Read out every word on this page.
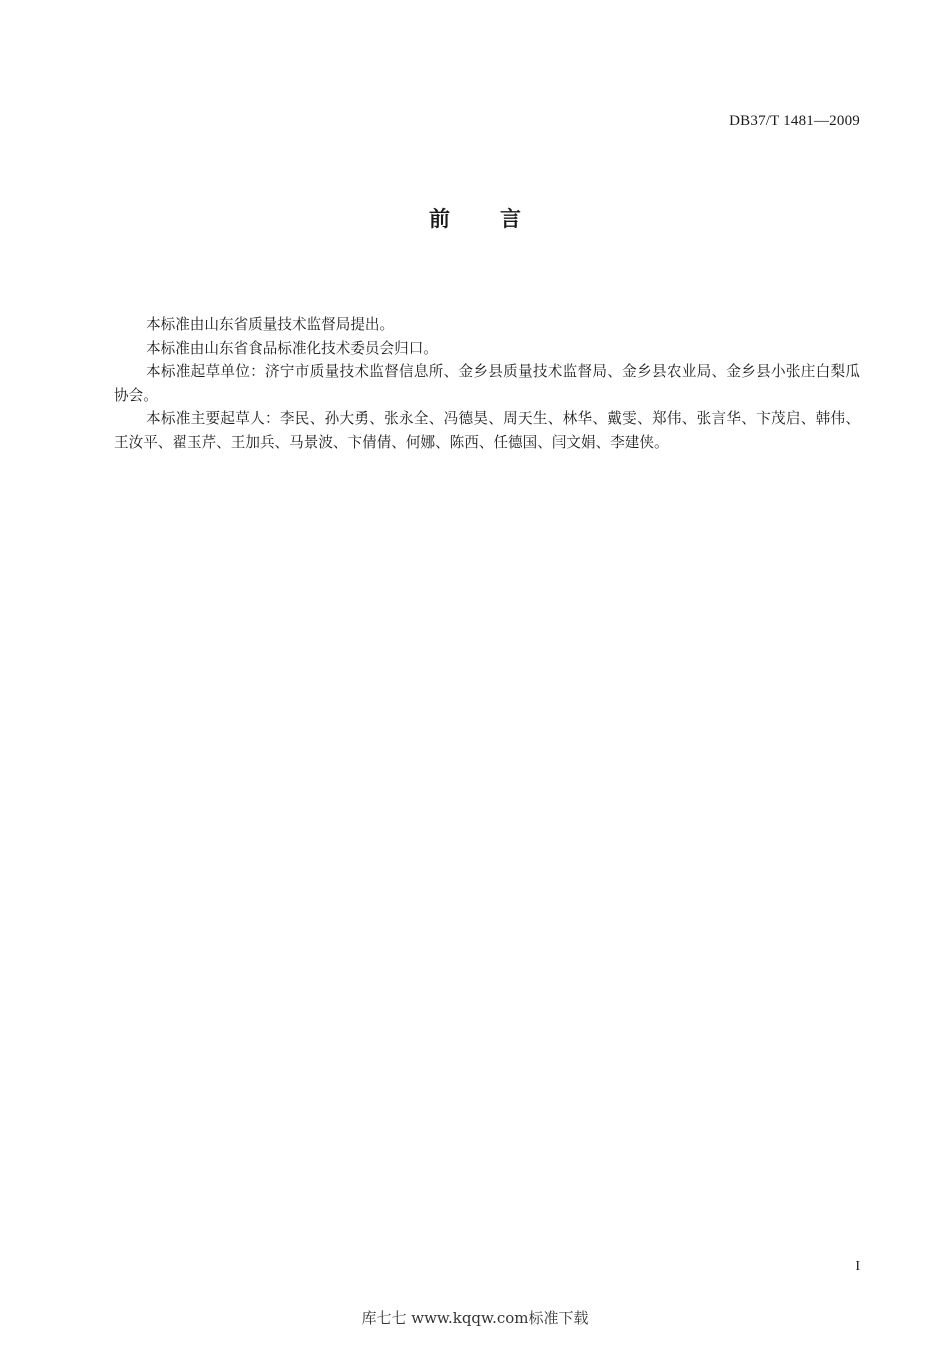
DB37/T 1481—2009
前言

本标准由山东省质量技术监督局提出。

本标准由山东省食品标准化技术委员会归口。

本标准起草单位：济宁市质量技术监督信息所、金乡县质量技术监督局、金乡县农业局、金乡县小张庄白梨瓜协会。

本标准主要起草人：李民、孙大勇、张永全、冯德昊、周天生、林华、戴雯、郑伟、张言华、卞茂启、韩伟、王汝平、翟玉芹、王加兵、马景波、卞倩倩、何娜、陈西、任德国、闫文娟、李建侠。

I
库七七 www.kqqw.com标准下载
